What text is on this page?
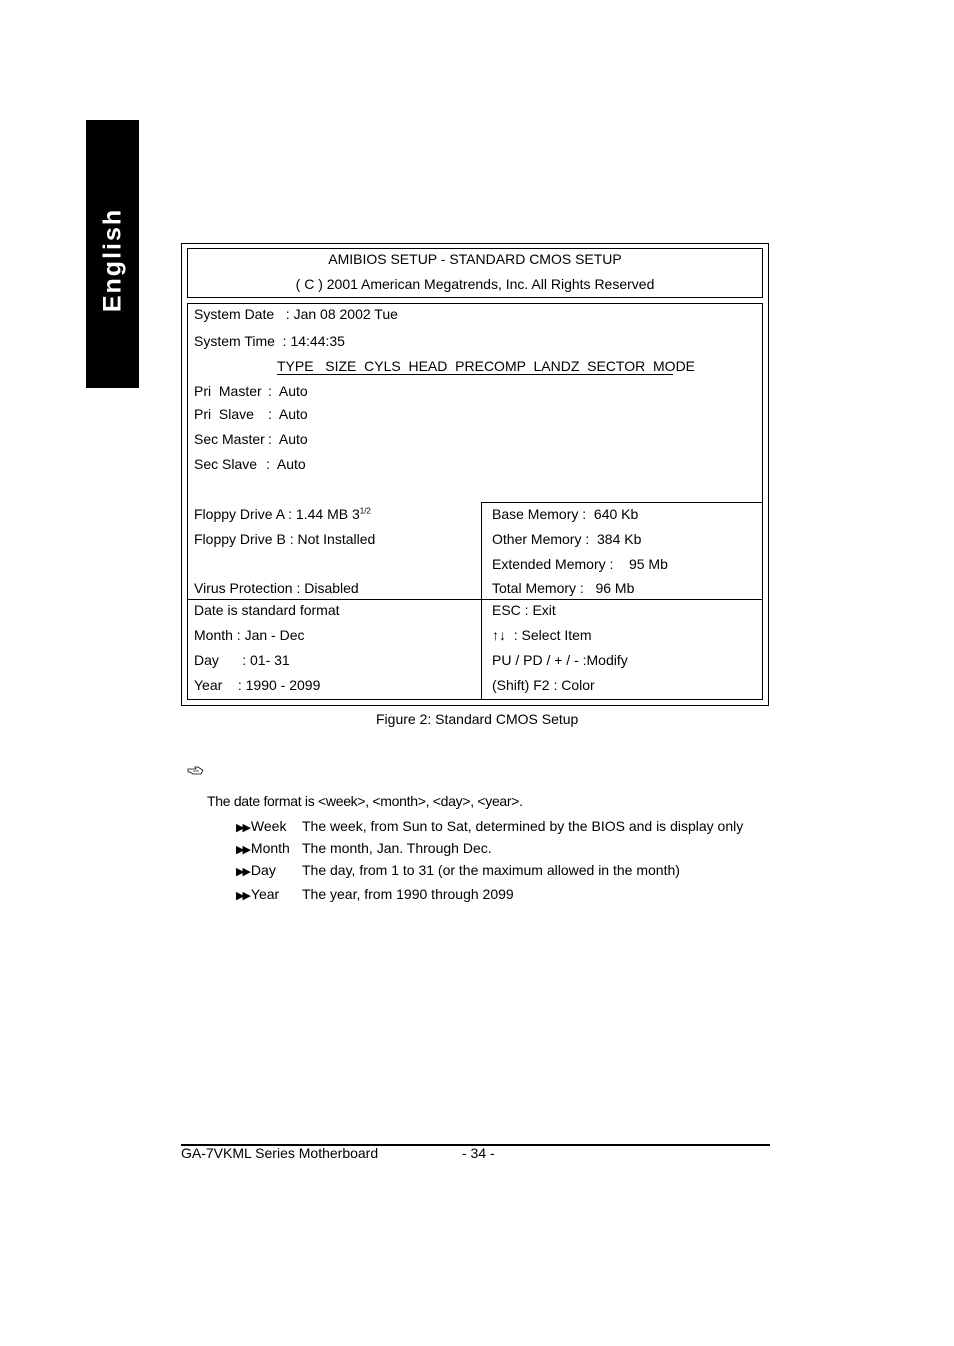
English	AMIBIOS SETUP - STANDARD CMOS SETUP
( C ) 2001 American Megatrends, Inc. All Rights Reserved
System Date   : Jan 08 2002 Tue
System Time  : 14:44:35
TYPE   SIZE  CYLS  HEAD  PRECOMP  LANDZ  SECTOR  MODE
Pri  Master :  Auto
Pri  Slave :  Auto
Sec Master :  Auto
Sec Slave :  Auto
Floppy Drive A : 1.44 MB $3^{1/2}$
Floppy Drive B : Not Installed
Virus Protection : Disabled
Base Memory :  640 Kb
Other Memory :  384 Kb
Extended Memory :    95 Mb
Total Memory :   96 Mb
Date is standard format
Month : Jan - Dec
Day      : 01- 31
Year    : 1990 - 2099
ESC : Exit
↑↓  : Select Item
PU / PD / + / - :Modify
(Shift) F2 : Color
Figure 2: Standard CMOS Setup
The date format is <week>, <month>, <day>, <year>.
▶▶ Week The week, from Sun to Sat, determined by the BIOS and is display only
▶▶ Month The month, Jan. Through Dec.
▶▶ Day The day, from 1 to 31 (or the maximum allowed in the month)
▶▶ Year The year, from 1990 through 2099
GA-7VKML Series Motherboard	- 34 -
